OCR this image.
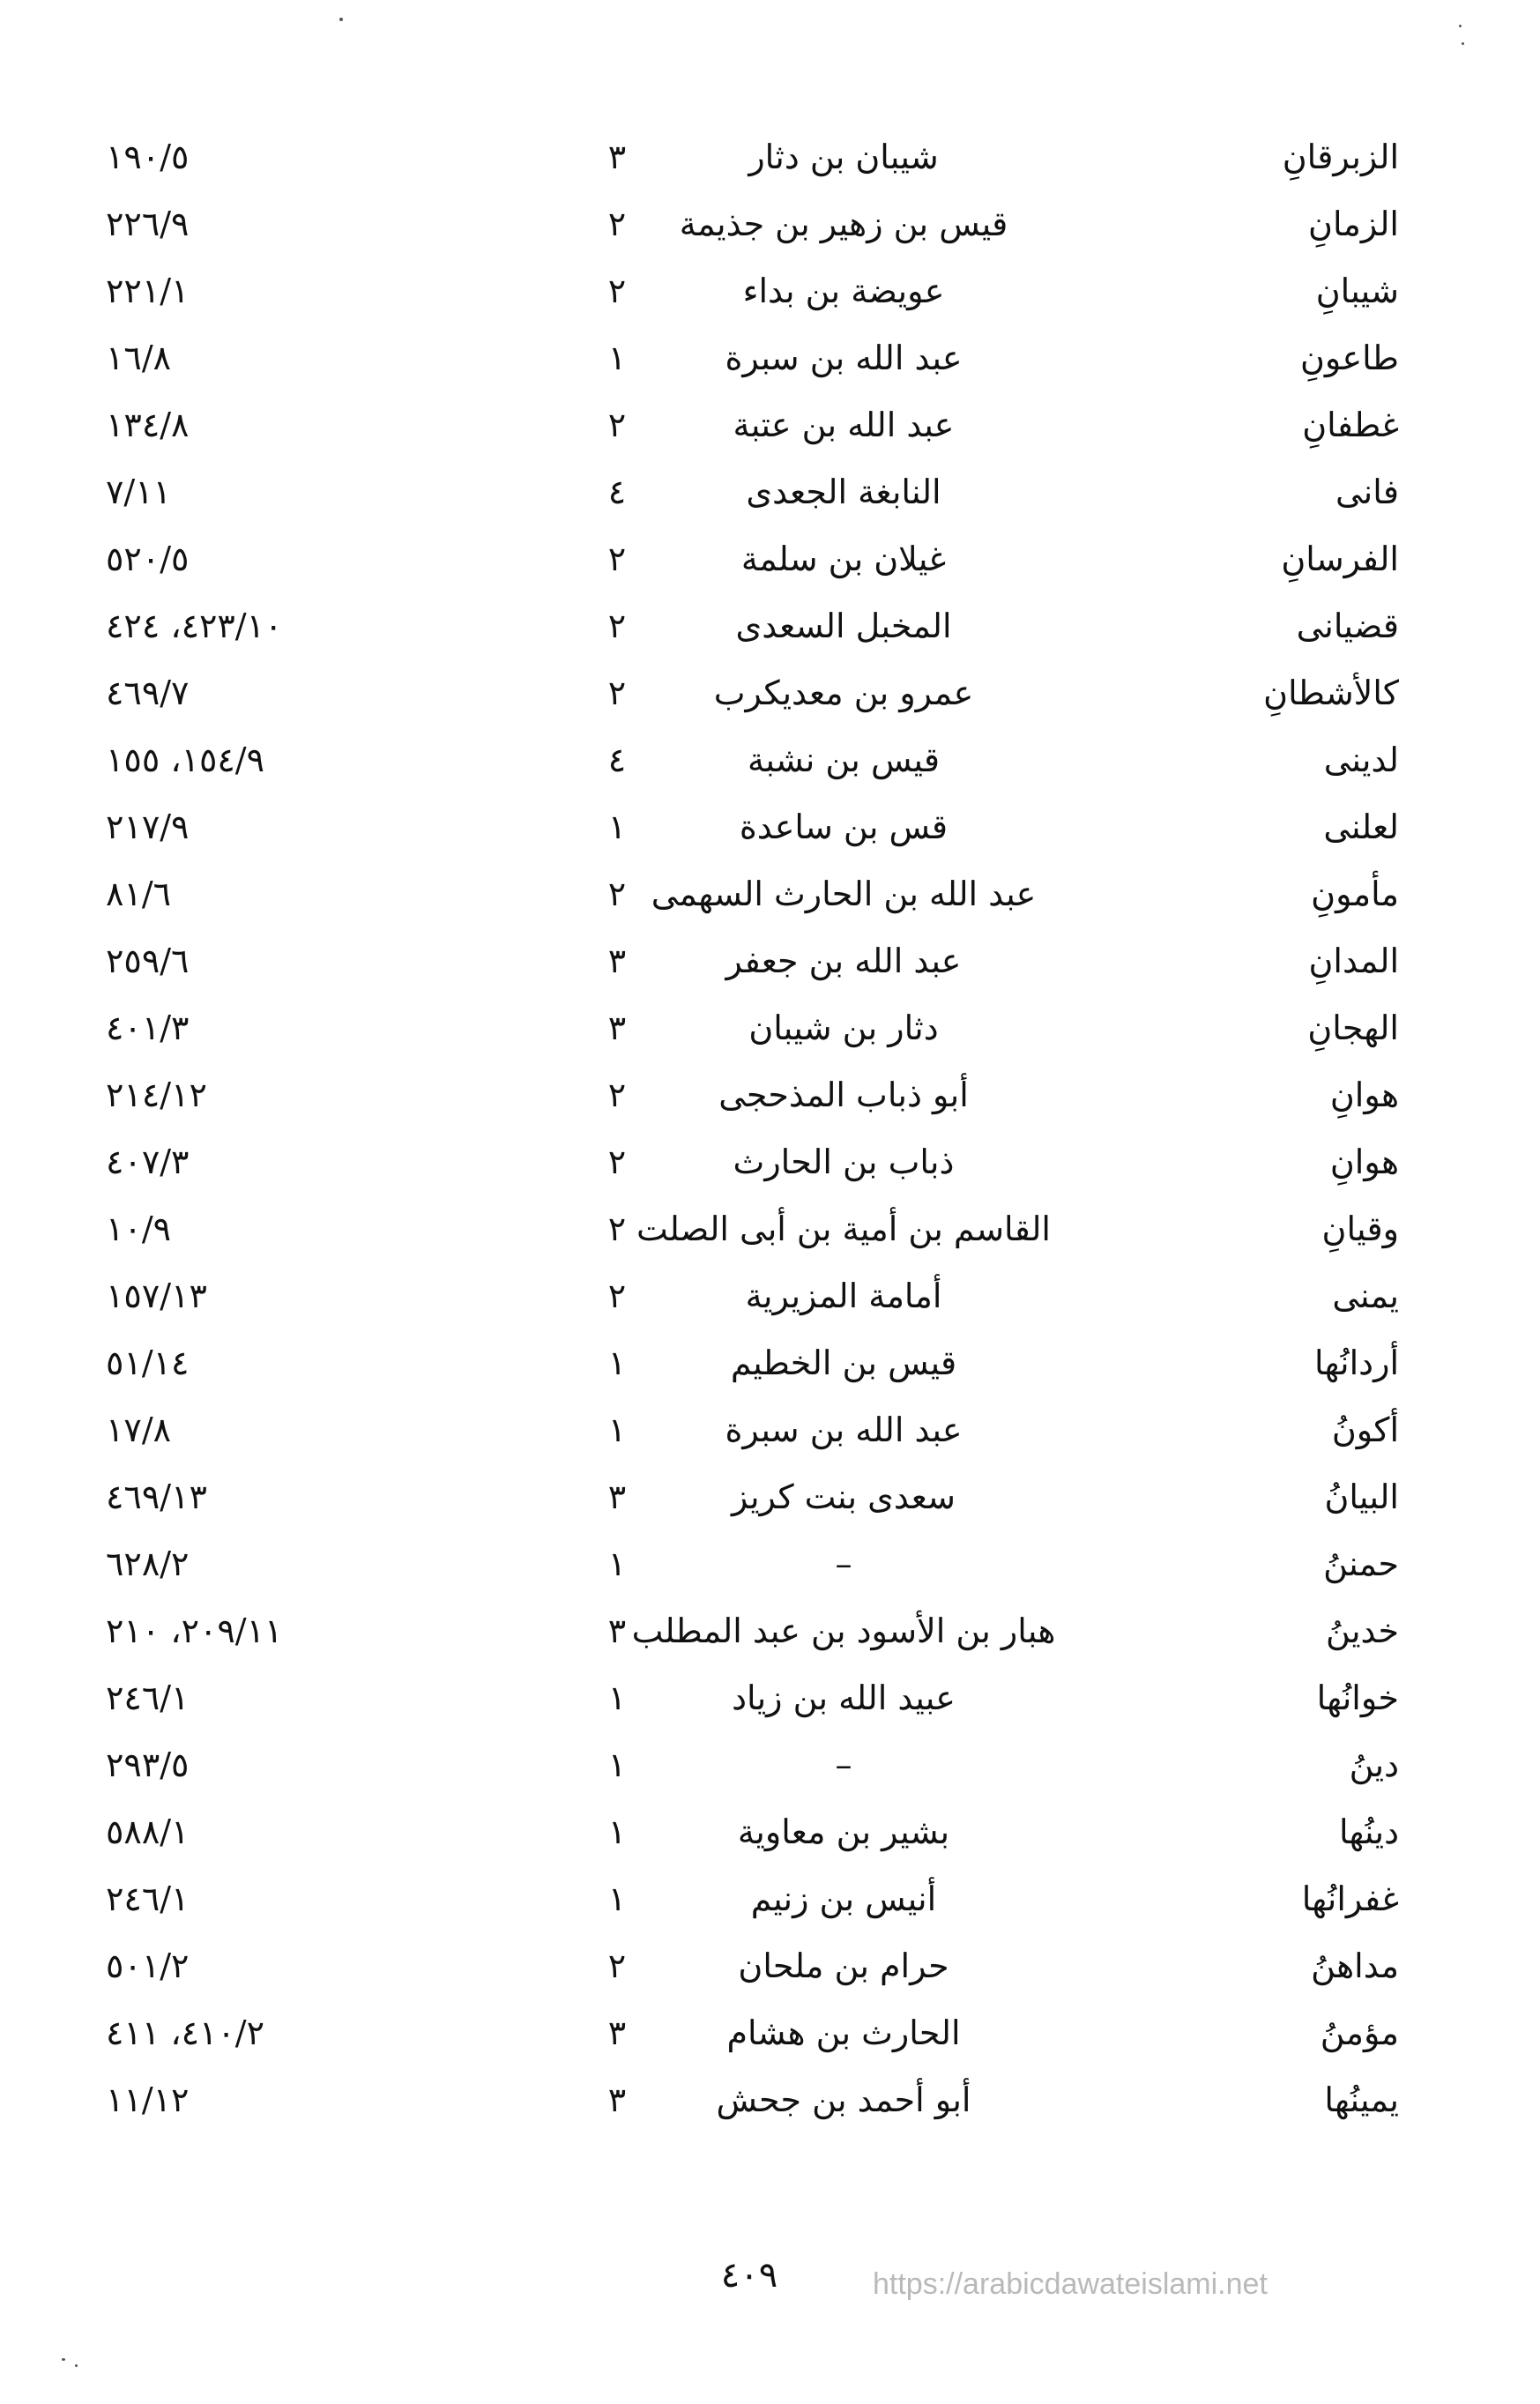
الزبرقانِ
شيبان بن دثار
٣
١٩٠/٥
الزمانِ
قيس بن زهير بن جذيمة
٢
٢٢٦/٩
شيبانِ
عويضة بن بداء
٢
٢٢١/١
طاعونِ
عبد الله بن سبرة
١
١٦/٨
غطفانِ
عبد الله بن عتبة
٢
١٣٤/٨
فانى
النابغة الجعدى
٤
٧/١١
الفرسانِ
غيلان بن سلمة
٢
٥٢٠/٥
قضيانى
المخبل السعدى
٢
٤٢٣/١٠، ٤٢٤
كالأشطانِ
عمرو بن معديكرب
٢
٤٦٩/٧
لدينى
قيس بن نشبة
٤
١٥٤/٩، ١٥٥
لعلنى
قس بن ساعدة
١
٢١٧/٩
مأمونِ
عبد الله بن الحارث السهمى
٢
٨١/٦
المدانِ
عبد الله بن جعفر
٣
٢٥٩/٦
الهجانِ
دثار بن شيبان
٣
٤٠١/٣
هوانِ
أبو ذباب المذحجى
٢
٢١٤/١٢
هوانِ
ذباب بن الحارث
٢
٤٠٧/٣
وقيانِ
القاسم بن أمية بن أبى الصلت
٢
١٠/٩
يمنى
أمامة المزيرية
٢
١٥٧/١٣
أردانُها
قيس بن الخطيم
١
٥١/١٤
أكونُ
عبد الله بن سبرة
١
١٧/٨
البيانُ
سعدى بنت كريز
٣
٤٦٩/١٣
حمننُ
–
١
٦٢٨/٢
خدينُ
هبار بن الأسود بن عبد المطلب
٣
٢٠٩/١١، ٢١٠
خوانُها
عبيد الله بن زياد
١
٢٤٦/١
دينُ
–
١
٢٩٣/٥
دينُها
بشير بن معاوية
١
٥٨٨/١
غفرانُها
أنيس بن زنيم
١
٢٤٦/١
مداهنُ
حرام بن ملحان
٢
٥٠١/٢
مؤمنُ
الحارث بن هشام
٣
٤١٠/٢، ٤١١
يمينُها
أبو أحمد بن جحش
٣
١١/١٢
٤٠٩	https://arabicdawateislami.net
